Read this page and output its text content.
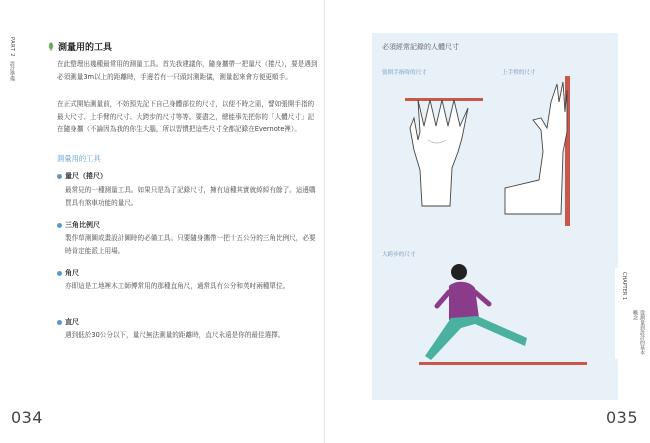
PART 2
設計準備
測量用的工具

在此整理出幾種最常用的測量工具。首先我建議你，隨身攜帶一把量尺（捲尺），要是遇到必須測量3m以上的距離時，手邊若有一只頭封測距儀，測量起來會方便更順手。

在正式開始測量前，不妨預先記下自己身體部位的尺寸，以便不時之需，譬如張開手指的最大尺寸、上手臂的尺寸、大跨步的尺寸等等。要盡之，總能事先把你的「人體尺寸」記在隨身攜（不論因為我的你生大腦，所以習慣把這些尺寸全都記錄在Evernote裡）。

測量用的工具
量尺（捲尺）

最常見的一種測量工具。如果只是為了記錄尺寸，擁有這種其實就綽綽有餘了。這邊購買具有煞車功能的量尺。

三角比例尺

製作草測圖或畫設計圖時的必備工具。只要隨身攜帶一把十五公分的三角比例尺，必要時肯定能派上用場。

角尺

亦即這是工地裡木工師傅常用的那種直角尺，通常具有公分和英吋兩種單位。

直尺

遇到低於30公分以下，量尺無法測量的距離時，直尺永遠是你的最佳選擇。

034
必須經常記錄的人體尺寸
張開手指時的尺寸	上手臂的尺寸
大跨步的尺寸
CHAPTER 1
從測量到設計的基本概念
035
